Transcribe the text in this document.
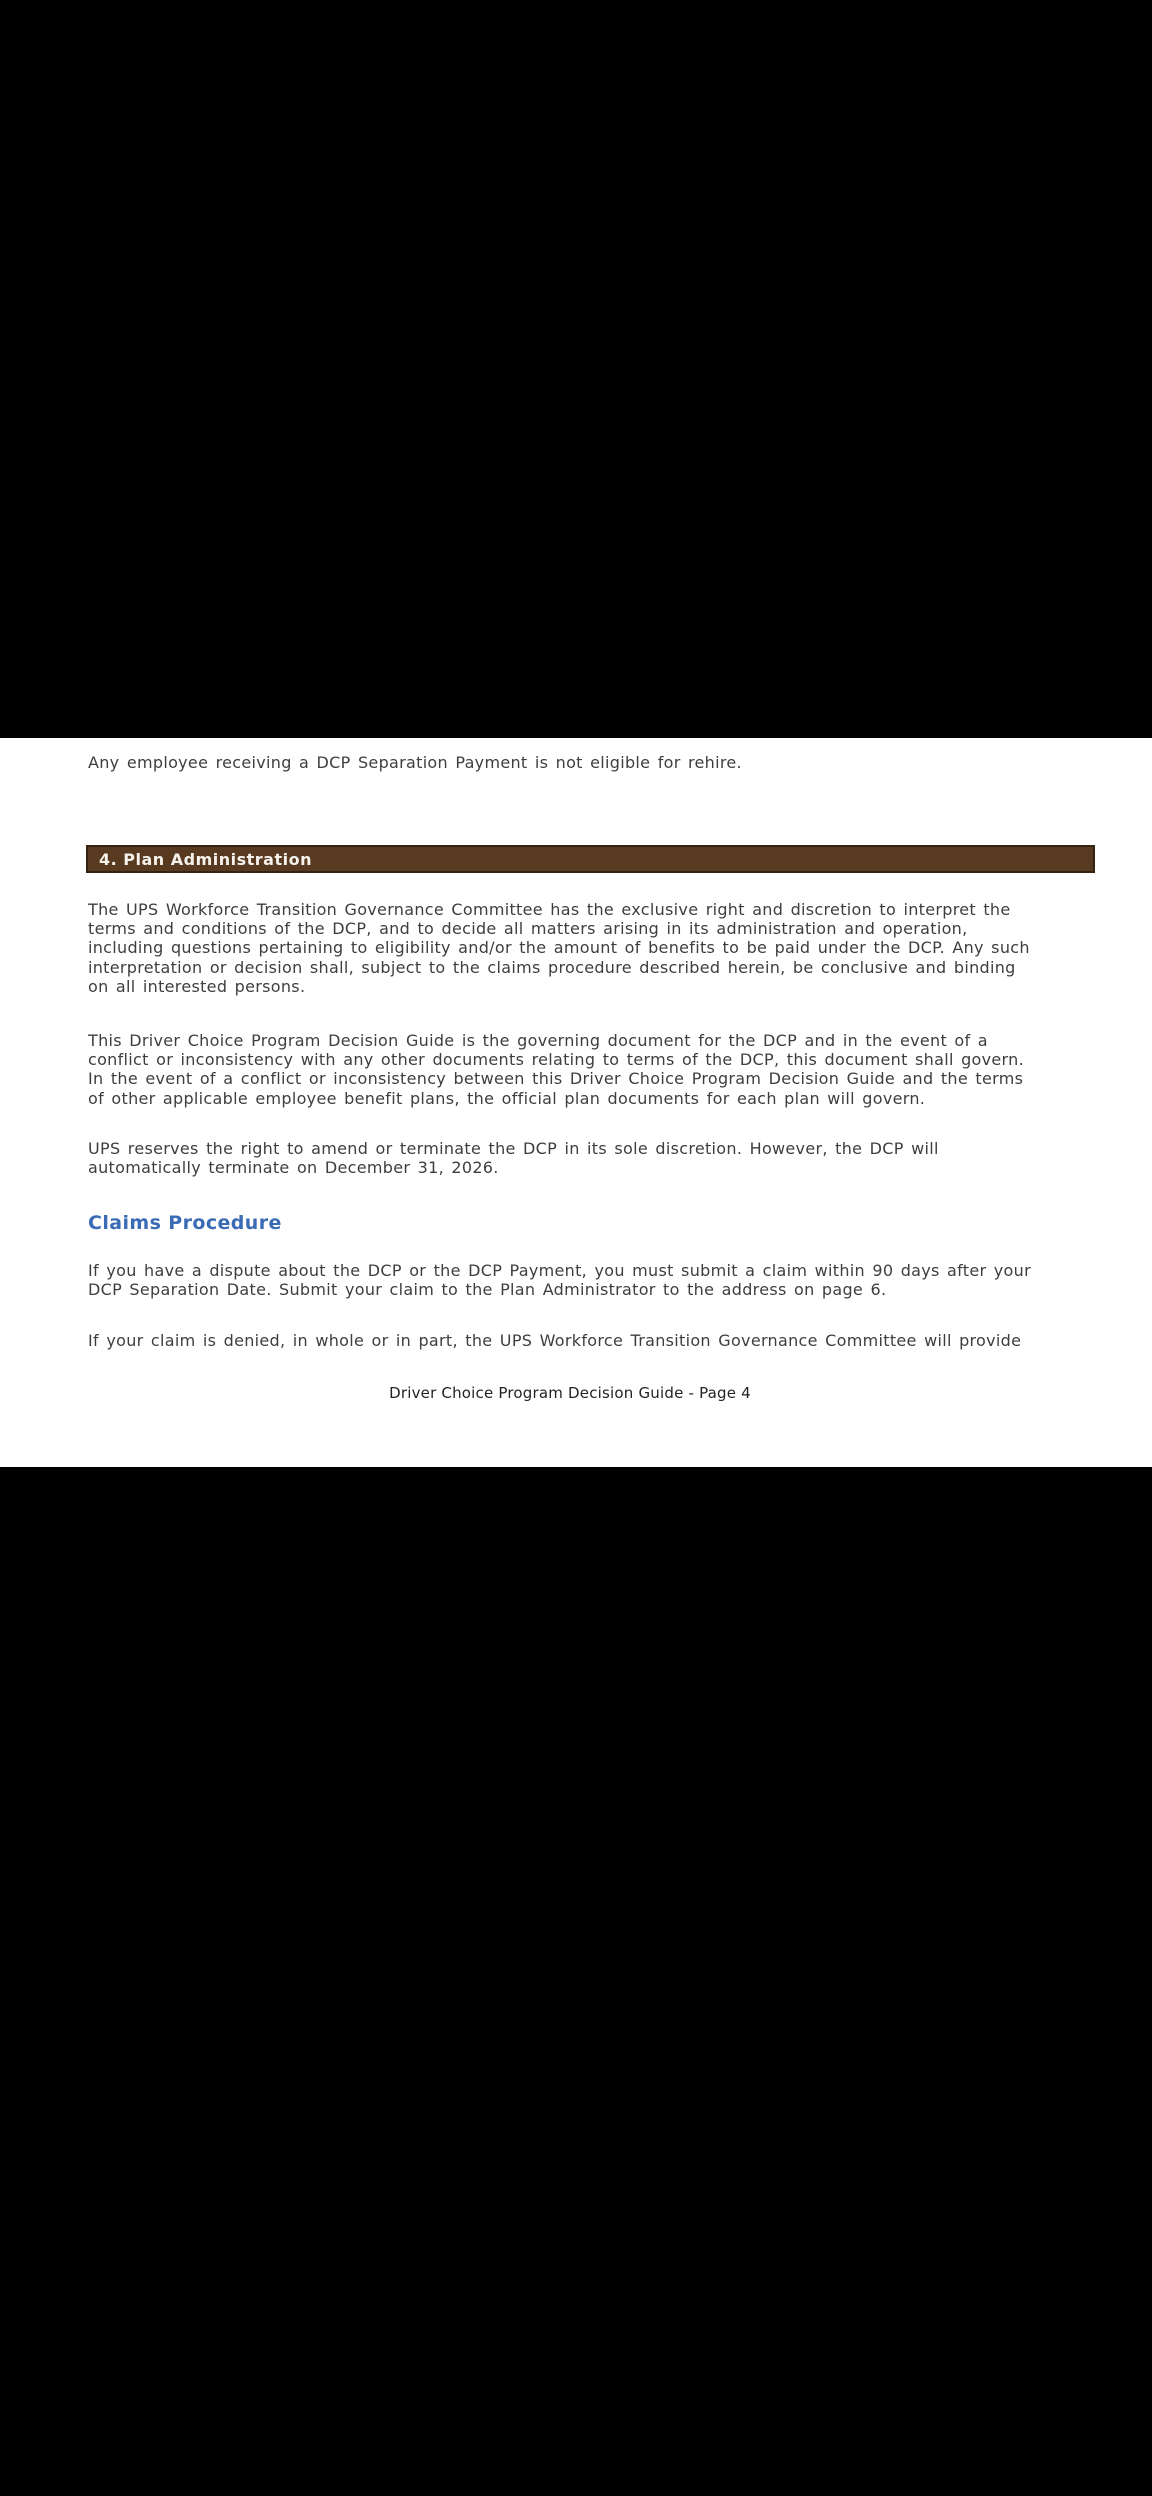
Any employee receiving a DCP Separation Payment is not eligible for rehire.
4. Plan Administration
The UPS Workforce Transition Governance Committee has the exclusive right and discretion to interpret the
terms and conditions of the DCP, and to decide all matters arising in its administration and operation,
including questions pertaining to eligibility and/or the amount of benefits to be paid under the DCP. Any such
interpretation or decision shall, subject to the claims procedure described herein, be conclusive and binding
on all interested persons.
This Driver Choice Program Decision Guide is the governing document for the DCP and in the event of a
conflict or inconsistency with any other documents relating to terms of the DCP, this document shall govern.
In the event of a conflict or inconsistency between this Driver Choice Program Decision Guide and the terms
of other applicable employee benefit plans, the official plan documents for each plan will govern.
UPS reserves the right to amend or terminate the DCP in its sole discretion. However, the DCP will
automatically terminate on December 31, 2026.
Claims Procedure
If you have a dispute about the DCP or the DCP Payment, you must submit a claim within 90 days after your
DCP Separation Date. Submit your claim to the Plan Administrator to the address on page 6.
If your claim is denied, in whole or in part, the UPS Workforce Transition Governance Committee will provide
Driver Choice Program Decision Guide - Page 4
